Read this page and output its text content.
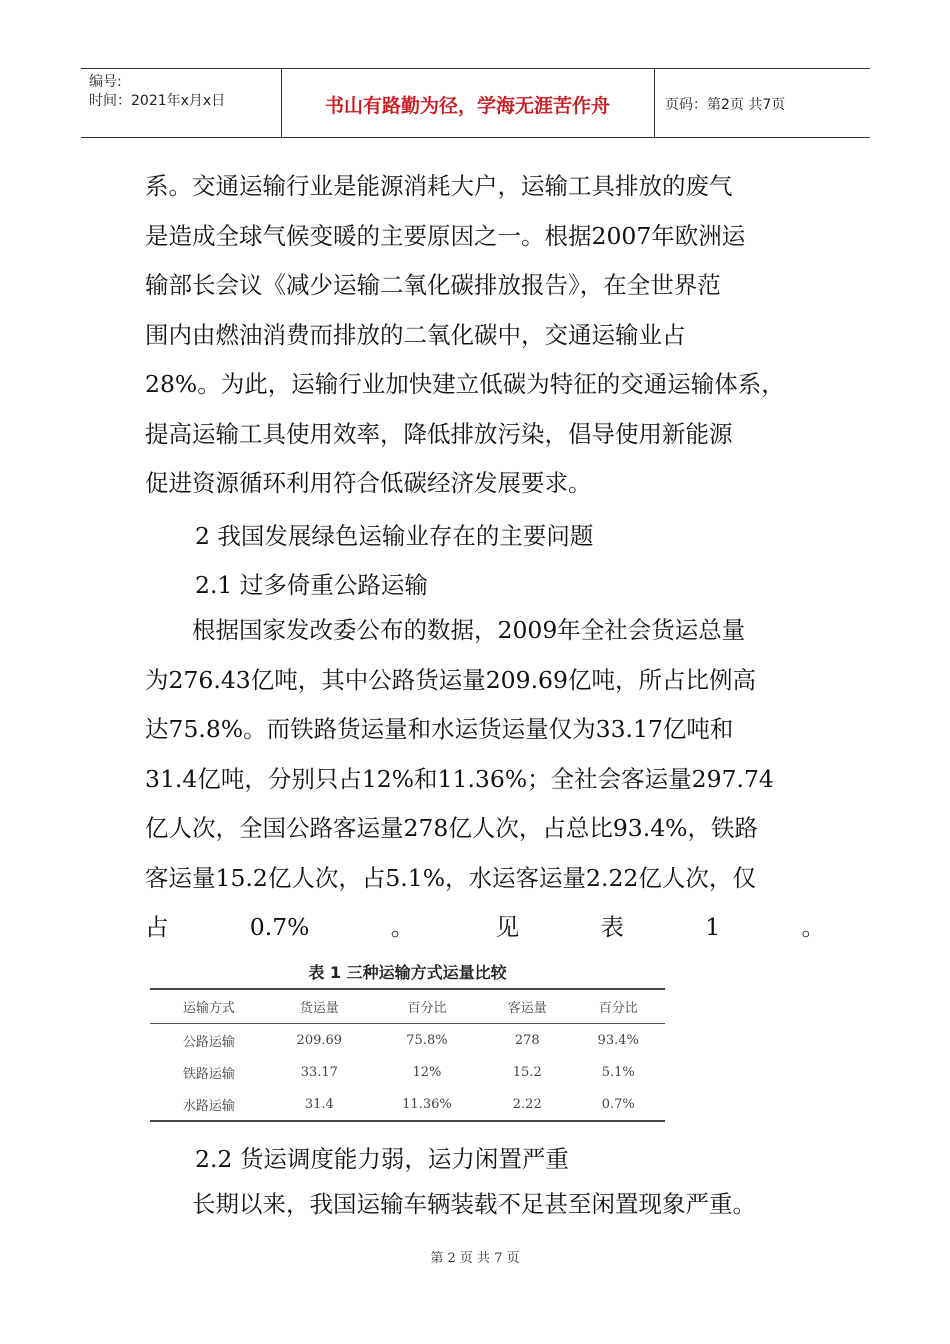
编号:
时间：2021年x月x日	书山有路勤为径，学海无涯苦作舟	页码：第2页 共7页
系。交通运输行业是能源消耗大户，运输工具排放的废气
是造成全球气候变暖的主要原因之一。根据2007年欧洲运
输部长会议《减少运输二氧化碳排放报告》，在全世界范
围内由燃油消费而排放的二氧化碳中，交通运输业占
28%。为此，运输行业加快建立低碳为特征的交通运输体系，
提高运输工具使用效率，降低排放污染，倡导使用新能源
促进资源循环利用符合低碳经济发展要求。
2 我国发展绿色运输业存在的主要问题
2.1 过多倚重公路运输
　　根据国家发改委公布的数据，2009年全社会货运总量
为276.43亿吨，其中公路货运量209.69亿吨，所占比例高
达75.8%。而铁路货运量和水运货运量仅为33.17亿吨和
31.4亿吨，分别只占12%和11.36%；全社会客运量297.74
亿人次，全国公路客运量278亿人次，占总比93.4%，铁路
客运量15.2亿人次，占5.1%，水运客运量2.22亿人次，仅
占	0.7%	。	见	表	1	。
表 1 三种运输方式运量比较
运输方式	货运量	百分比	客运量	百分比
公路运输	209.69	75.8%	278	93.4%
铁路运输	33.17	12%	15.2	5.1%
水路运输	31.4	11.36%	2.22	0.7%
2.2 货运调度能力弱，运力闲置严重
　　长期以来，我国运输车辆装载不足甚至闲置现象严重。
第 2 页 共 7 页
